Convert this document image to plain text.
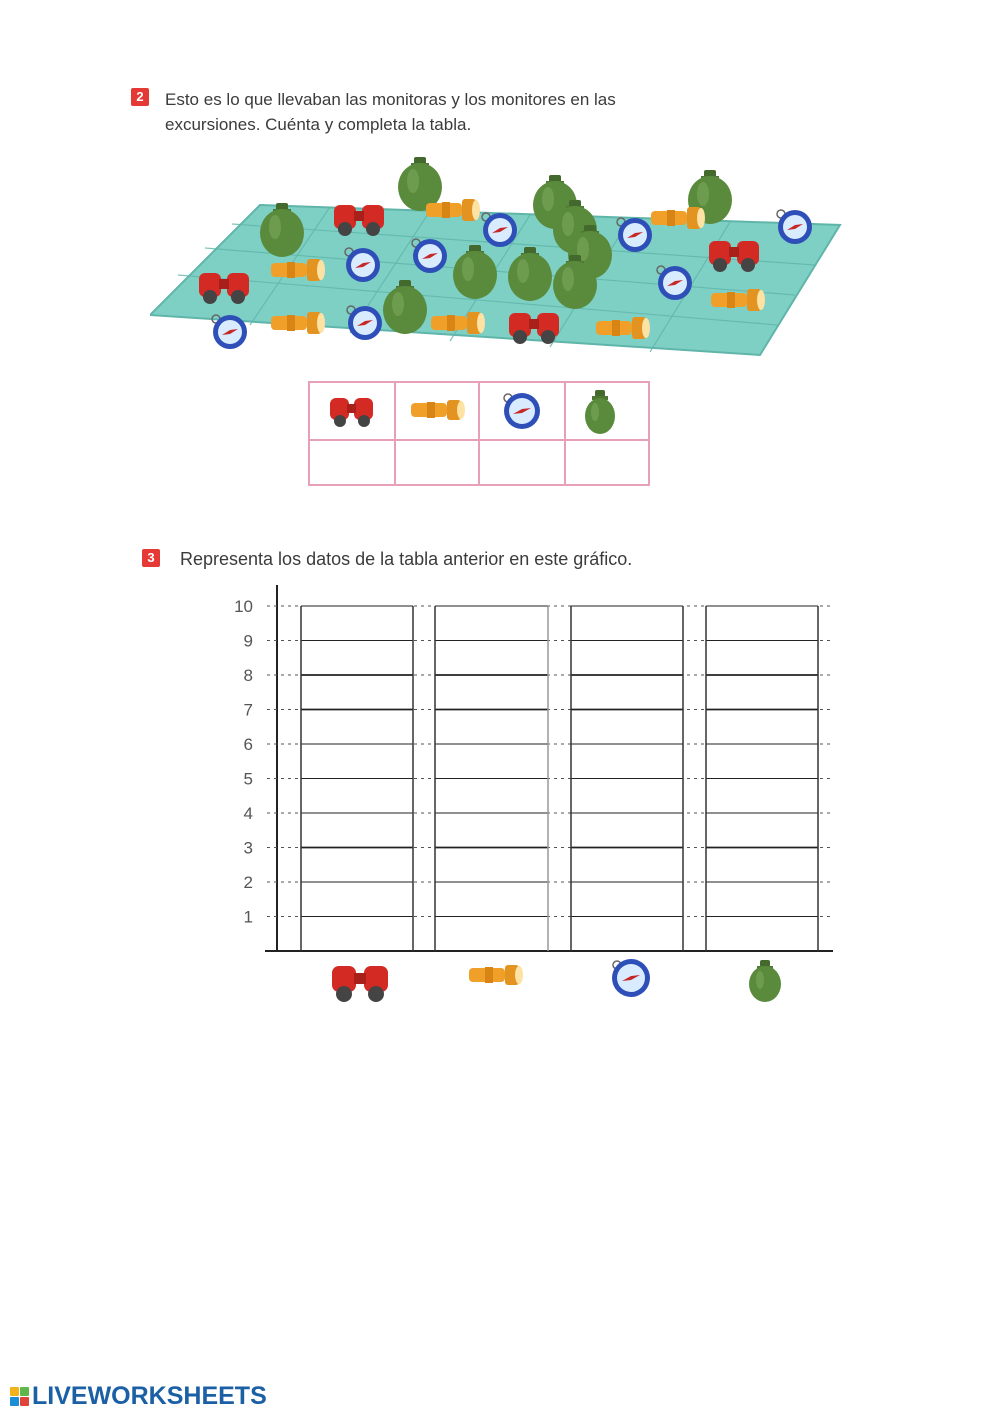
2	Esto es lo que llevaban las monitoras y los monitores en las
excursiones. Cuénta y completa la tabla.
3 Representa los datos de la tabla anterior en este gráfico.
1
2
3
4
5
6
7
8
9
10
LIVEWORKSHEETS
